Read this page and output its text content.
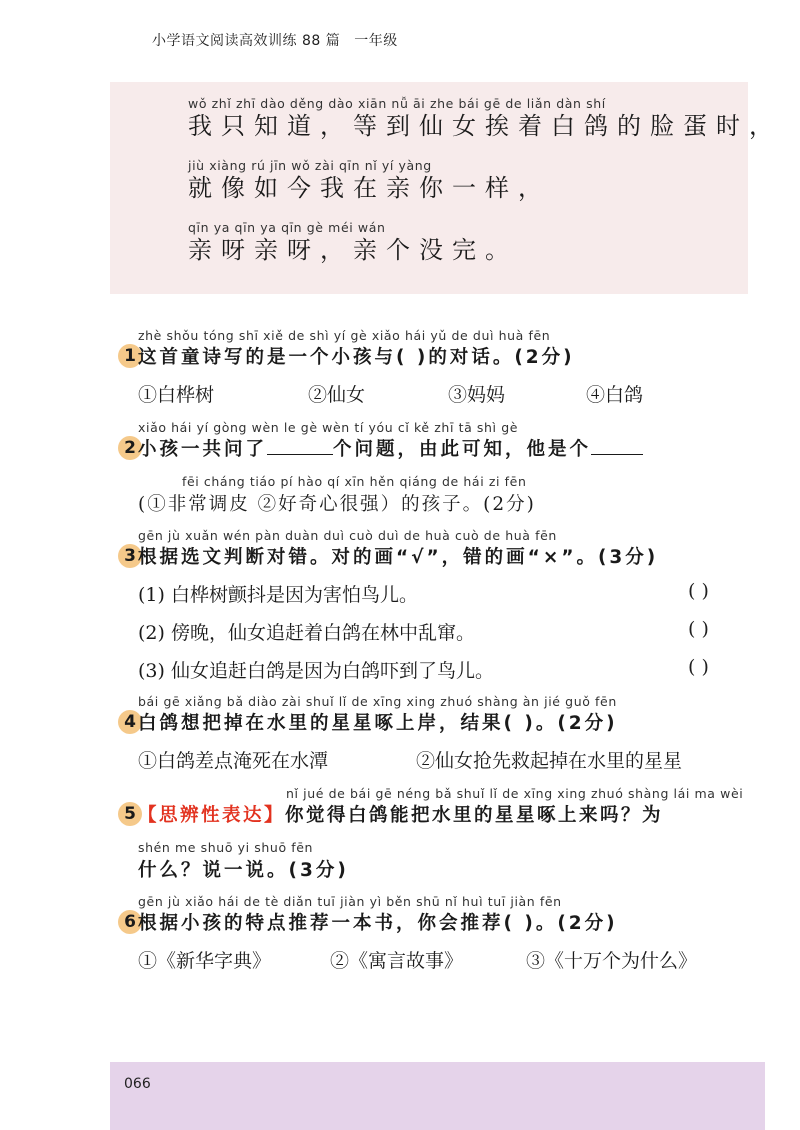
小学语文阅读高效训练 88 篇 一年级
wǒ zhǐ zhī dào děng dào xiān nǚ āi zhe bái gē de liǎn dàn shí
我只知道，等到仙女挨着白鸽的脸蛋时，
jiù xiàng rú jīn wǒ zài qīn nǐ yí yàng
就像如今我在亲你一样，
qīn ya qīn ya qīn gè méi wán
亲呀亲呀，亲个没完。
zhè shǒu tóng shī xiě de shì yí gè xiǎo hái yǔ de duì huà fēn
1 这首童诗写的是一个小孩与( )的对话。(2分)
①白桦树	②仙女	③妈妈	④白鸽
xiǎo hái yí gòng wèn le gè wèn tí yóu cǐ kě zhī tā shì gè
2 小孩一共问了	个问题，由此可知，他是个
fēi cháng tiáo pí hào qí xīn hěn qiáng de hái zi fēn
(①非常调皮 ②好奇心很强）的孩子。(2分)
gēn jù xuǎn wén pàn duàn duì cuò duì de huà cuò de huà fēn
3 根据选文判断对错。对的画“√”，错的画“×”。(3分)
(1) 白桦树颤抖是因为害怕鸟儿。	( )
(2) 傍晚，仙女追赶着白鸽在林中乱窜。	( )
(3) 仙女追赶白鸽是因为白鸽吓到了鸟儿。	( )
bái gē xiǎng bǎ diào zài shuǐ lǐ de xīng xing zhuó shàng àn jié guǒ fēn
4 白鸽想把掉在水里的星星啄上岸，结果( )。(2分)
①白鸽差点淹死在水潭	②仙女抢先救起掉在水里的星星
nǐ jué de bái gē néng bǎ shuǐ lǐ de xīng xing zhuó shàng lái ma wèi
5 【思辨性表达】你觉得白鸽能把水里的星星啄上来吗？为
shén me shuō yi shuō fēn
什么？说一说。(3分)
gēn jù xiǎo hái de tè diǎn tuī jiàn yì běn shū nǐ huì tuī jiàn fēn
6 根据小孩的特点推荐一本书，你会推荐( )。(2分)
①《新华字典》	②《寓言故事》	③《十万个为什么》
066
